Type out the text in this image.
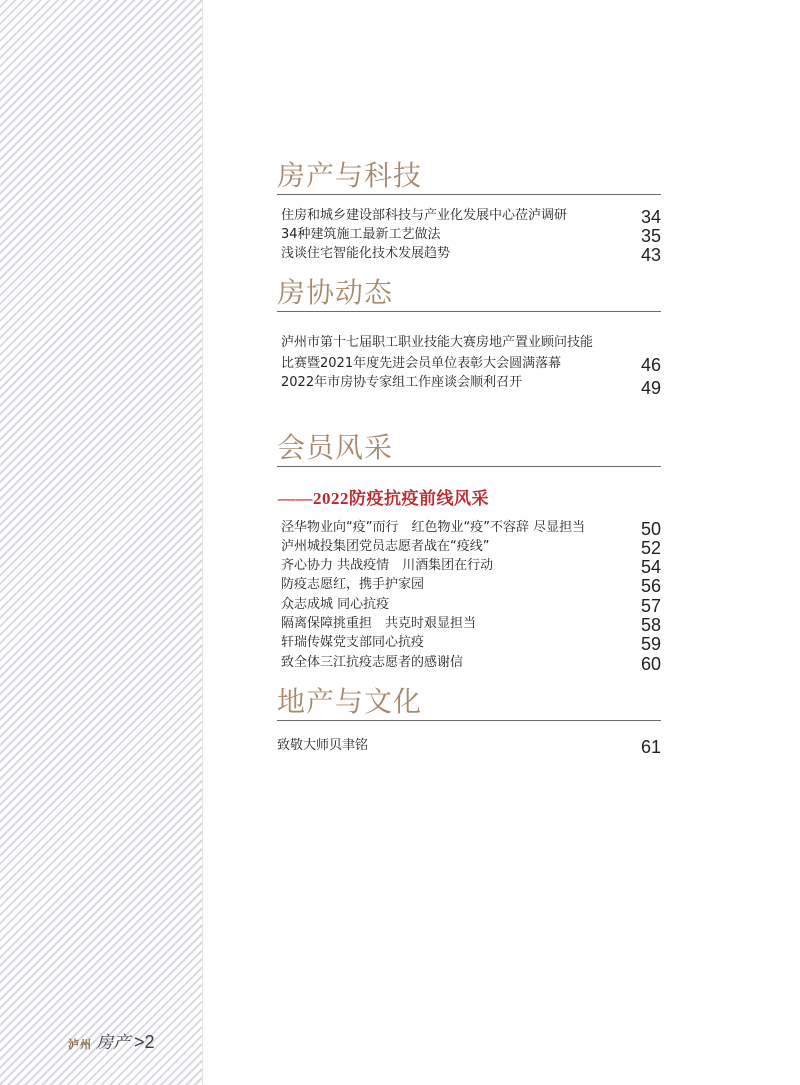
房产与科技
住房和城乡建设部科技与产业化发展中心莅泸调研	34
34种建筑施工最新工艺做法	35
浅谈住宅智能化技术发展趋势	43
房协动态
泸州市第十七届职工职业技能大赛房地产置业顾问技能
比赛暨2021年度先进会员单位表彰大会圆满落幕	46
2022年市房协专家组工作座谈会顺利召开	49
会员风采
——2022防疫抗疫前线风采
泾华物业向“疫”而行　红色物业“疫”不容辞 尽显担当	50
泸州城投集团党员志愿者战在“疫线”	52
齐心协力 共战疫情　川酒集团在行动	54
防疫志愿红，携手护家园	56
众志成城 同心抗疫	57
隔离保障挑重担　共克时艰显担当	58
轩瑞传媒党支部同心抗疫	59
致全体三江抗疫志愿者的感谢信	60
地产与文化
致敬大师贝聿铭	61
泸州 房产 >2
